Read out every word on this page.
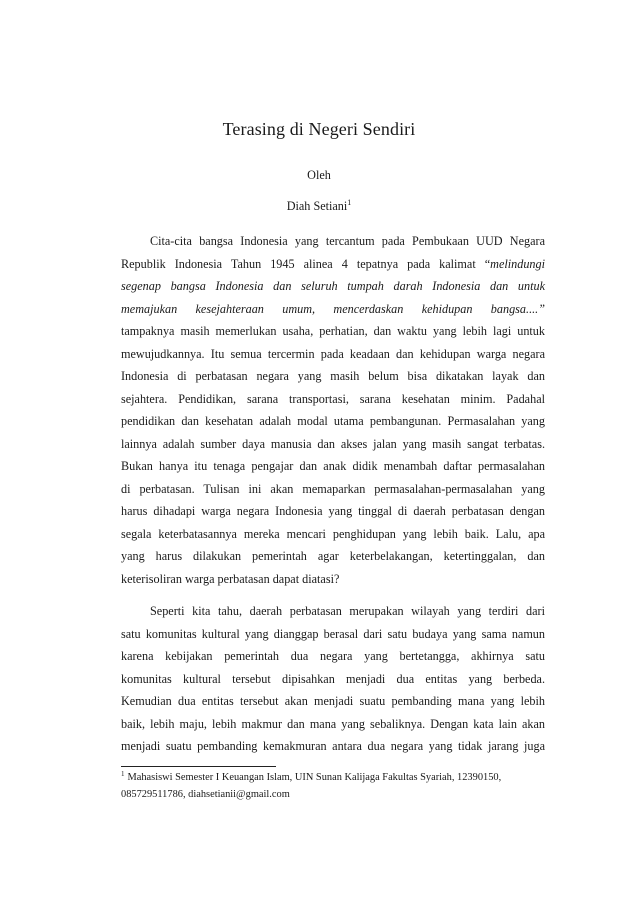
Terasing di Negeri Sendiri
Oleh
Diah Setiani$^1$
Cita-cita bangsa Indonesia yang tercantum pada Pembukaan UUD Negara
Republik Indonesia Tahun 1945 alinea 4 tepatnya pada kalimat “melindungi
segenap bangsa Indonesia dan seluruh tumpah darah Indonesia dan untuk
memajukan kesejahteraan umum, mencerdaskan kehidupan bangsa....”
tampaknya masih memerlukan usaha, perhatian, dan waktu yang lebih lagi untuk
mewujudkannya. Itu semua tercermin pada keadaan dan kehidupan warga negara
Indonesia di perbatasan negara yang masih belum bisa dikatakan layak dan
sejahtera. Pendidikan, sarana transportasi, sarana kesehatan minim. Padahal
pendidikan dan kesehatan adalah modal utama pembangunan. Permasalahan yang
lainnya adalah sumber daya manusia dan akses jalan yang masih sangat terbatas.
Bukan hanya itu tenaga pengajar dan anak didik menambah daftar permasalahan
di perbatasan. Tulisan ini akan memaparkan permasalahan-permasalahan yang
harus dihadapi warga negara Indonesia yang tinggal di daerah perbatasan dengan
segala keterbatasannya mereka mencari penghidupan yang lebih baik. Lalu, apa
yang harus dilakukan pemerintah agar keterbelakangan, ketertinggalan, dan
keterisoliran warga perbatasan dapat diatasi?
$^1$ Mahasiswi Semester I Keuangan Islam, UIN Sunan Kalijaga Fakultas Syariah, 12390150,
085729511786, diahsetianii@gmail.com
Seperti kita tahu, daerah perbatasan merupakan wilayah yang terdiri dari
satu komunitas kultural yang dianggap berasal dari satu budaya yang sama namun
karena kebijakan pemerintah dua negara yang bertetangga, akhirnya satu
komunitas kultural tersebut dipisahkan menjadi dua entitas yang berbeda.
Kemudian dua entitas tersebut akan menjadi suatu pembanding mana yang lebih
baik, lebih maju, lebih makmur dan mana yang sebaliknya. Dengan kata lain akan
menjadi suatu pembanding kemakmuran antara dua negara yang tidak jarang juga
